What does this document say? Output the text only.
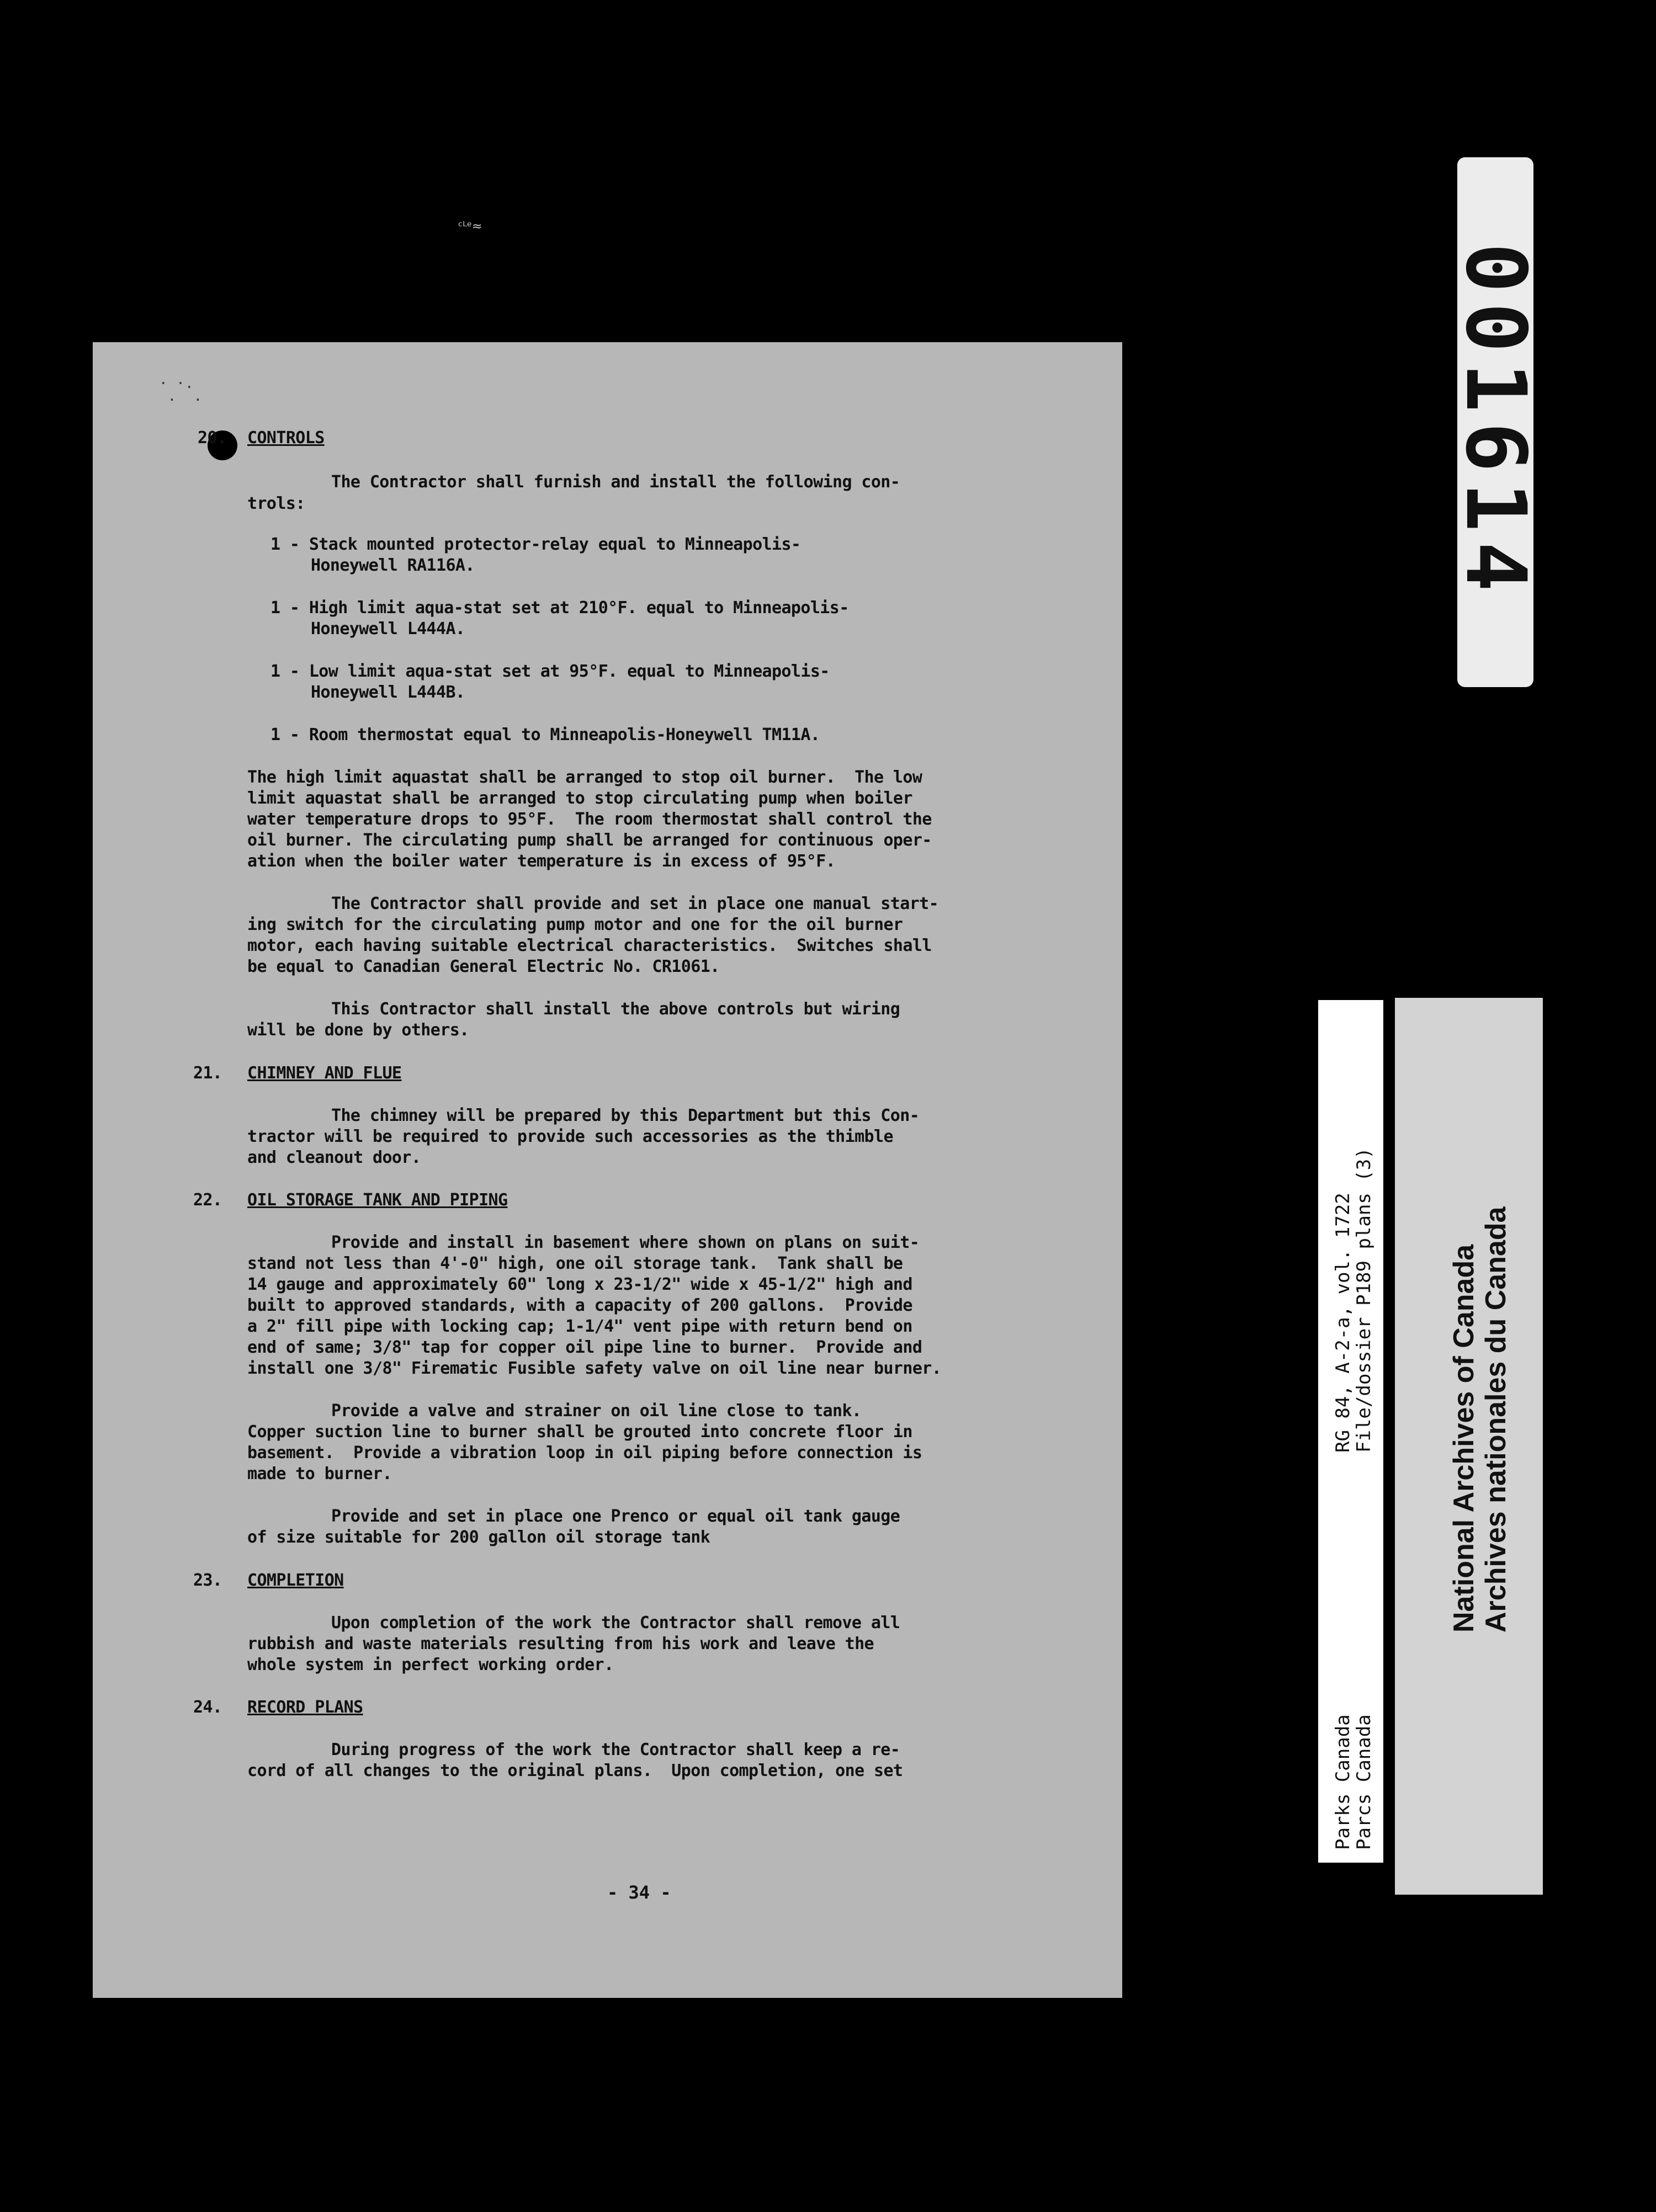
ᶜᴸᵉ≈
· ·.
·  ·
20. CONTROLS
The Contractor shall furnish and install the following con-
trols:
1 - Stack mounted protector-relay equal to Minneapolis-
Honeywell RA116A.
1 - High limit aqua-stat set at 210°F. equal to Minneapolis-
Honeywell L444A.
1 - Low limit aqua-stat set at 95°F. equal to Minneapolis-
Honeywell L444B.
1 - Room thermostat equal to Minneapolis-Honeywell TM11A.
The high limit aquastat shall be arranged to stop oil burner.  The low
limit aquastat shall be arranged to stop circulating pump when boiler
water temperature drops to 95°F.  The room thermostat shall control the
oil burner. The circulating pump shall be arranged for continuous oper-
ation when the boiler water temperature is in excess of 95°F.
The Contractor shall provide and set in place one manual start-
ing switch for the circulating pump motor and one for the oil burner
motor, each having suitable electrical characteristics.  Switches shall
be equal to Canadian General Electric No. CR1061.
This Contractor shall install the above controls but wiring
will be done by others.
21. CHIMNEY AND FLUE
The chimney will be prepared by this Department but this Con-
tractor will be required to provide such accessories as the thimble
and cleanout door.
22. OIL STORAGE TANK AND PIPING
Provide and install in basement where shown on plans on suit-
stand not less than 4'-0" high, one oil storage tank.  Tank shall be
14 gauge and approximately 60" long x 23-1/2" wide x 45-1/2" high and
built to approved standards, with a capacity of 200 gallons.  Provide
a 2" fill pipe with locking cap; 1-1/4" vent pipe with return bend on
end of same; 3/8" tap for copper oil pipe line to burner.  Provide and
install one 3/8" Firematic Fusible safety valve on oil line near burner.
Provide a valve and strainer on oil line close to tank.
Copper suction line to burner shall be grouted into concrete floor in
basement.  Provide a vibration loop in oil piping before connection is
made to burner.
Provide and set in place one Prenco or equal oil tank gauge
of size suitable for 200 gallon oil storage tank
23. COMPLETION
Upon completion of the work the Contractor shall remove all
rubbish and waste materials resulting from his work and leave the
whole system in perfect working order.
24. RECORD PLANS
During progress of the work the Contractor shall keep a re-
cord of all changes to the original plans.  Upon completion, one set
- 34 -
001614
RG 84, A-2-a, vol. 1722
File/dossier P189 plans (3)
Parks Canada
Parcs Canada
National Archives of Canada Archives nationales du Canada
